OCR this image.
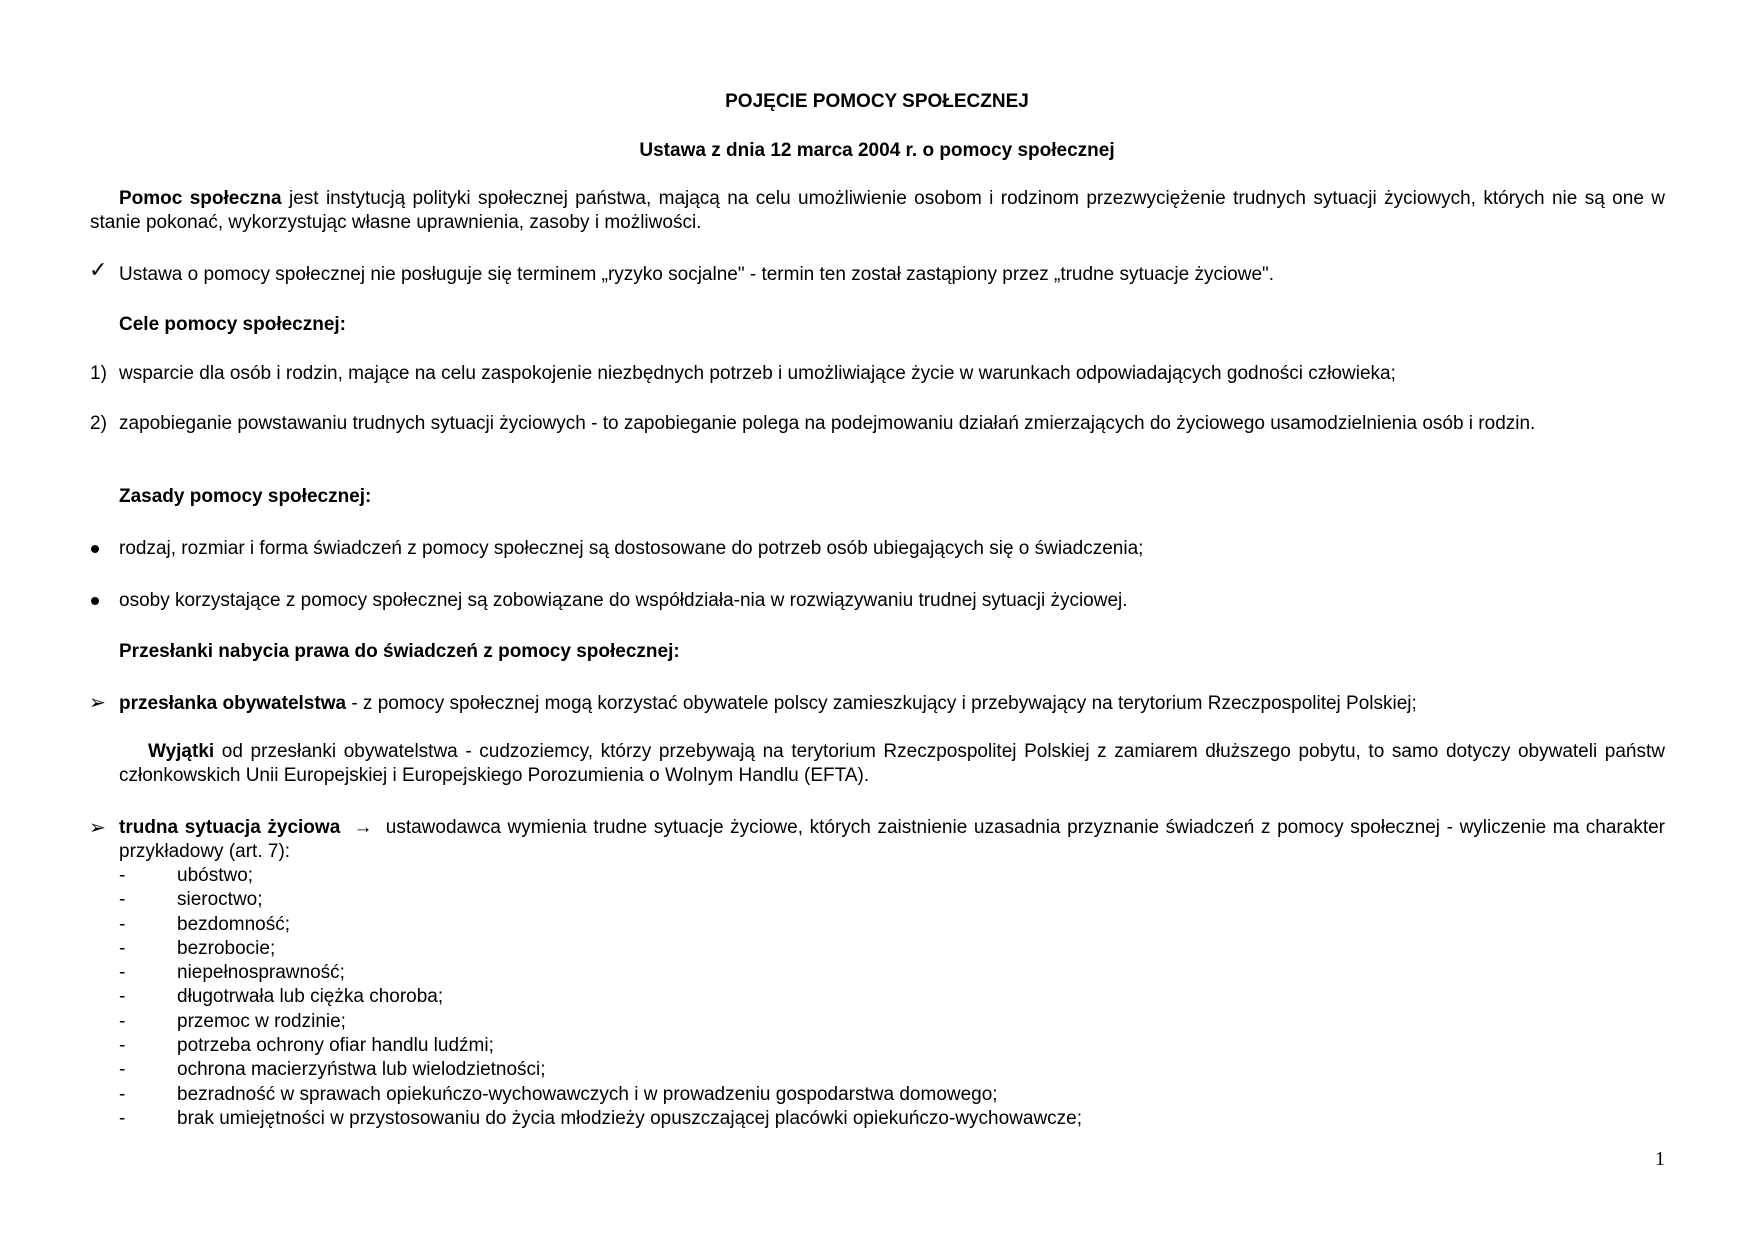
POJĘCIE POMOCY SPOŁECZNEJ

Ustawa z dnia 12 marca 2004 r. o pomocy społecznej

Pomoc społeczna jest instytucją polityki społecznej państwa, mającą na celu umożliwienie osobom i rodzinom przezwyciężenie trudnych sytuacji życiowych, których nie są one w stanie pokonać, wykorzystując własne uprawnienia, zasoby i możliwości.

✓ Ustawa o pomocy społecznej nie posługuje się terminem „ryzyko socjalne" - termin ten został zastąpiony przez „trudne sytuacje życiowe".

Cele pomocy społecznej:

1) wsparcie dla osób i rodzin, mające na celu zaspokojenie niezbędnych potrzeb i umożliwiające życie w warunkach odpowiadających godności człowieka;

2) zapobieganie powstawaniu trudnych sytuacji życiowych - to zapobieganie polega na podejmowaniu działań zmierzających do życiowego usamodzielnienia osób i rodzin.

Zasady pomocy społecznej:

rodzaj, rozmiar i forma świadczeń z pomocy społecznej są dostosowane do potrzeb osób ubiegających się o świadczenia;

osoby korzystające z pomocy społecznej są zobowiązane do współdziała-nia w rozwiązywaniu trudnej sytuacji życiowej.

Przesłanki nabycia prawa do świadczeń z pomocy społecznej:

➢ przesłanka obywatelstwa - z pomocy społecznej mogą korzystać obywatele polscy zamieszkujący i przebywający na terytorium Rzeczpospolitej Polskiej;

Wyjątki od przesłanki obywatelstwa - cudzoziemcy, którzy przebywają na terytorium Rzeczpospolitej Polskiej z zamiarem dłuższego pobytu, to samo dotyczy obywateli państw członkowskich Unii Europejskiej i Europejskiego Porozumienia o Wolnym Handlu (EFTA).

➢ trudna sytuacja życiowa → ustawodawca wymienia trudne sytuacje życiowe, których zaistnienie uzasadnia przyznanie świadczeń z pomocy społecznej - wyliczenie ma charakter przykładowy (art. 7):

-	ubóstwo;
-	sieroctwo;
-	bezdomność;
-	bezrobocie;
-	niepełnosprawność;
-	długotrwała lub ciężka choroba;
-	przemoc w rodzinie;
-	potrzeba ochrony ofiar handlu ludźmi;
-	ochrona macierzyństwa lub wielodzietności;
-	bezradność w sprawach opiekuńczo-wychowawczych i w prowadzeniu gospodarstwa domowego;
-	brak umiejętności w przystosowaniu do życia młodzieży opuszczającej placówki opiekuńczo-wychowawcze;
1
